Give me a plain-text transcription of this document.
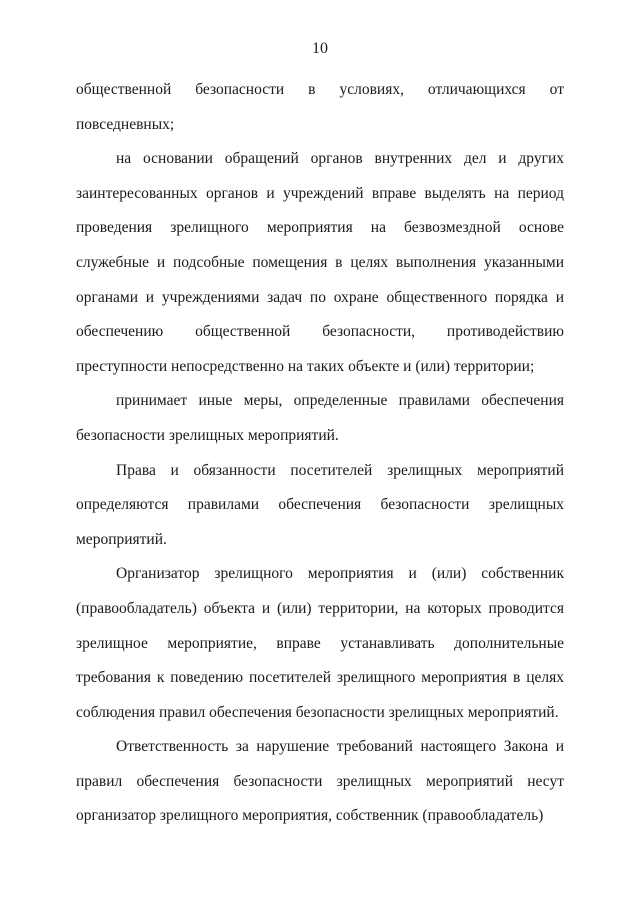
10

общественной безопасности в условиях, отличающихся от повседневных;

на основании обращений органов внутренних дел и других заинтересованных органов и учреждений вправе выделять на период проведения зрелищного мероприятия на безвозмездной основе служебные и подсобные помещения в целях выполнения указанными органами и учреждениями задач по охране общественного порядка и обеспечению общественной безопасности, противодействию преступности непосредственно на таких объекте и (или) территории;

принимает иные меры, определенные правилами обеспечения безопасности зрелищных мероприятий.

Права и обязанности посетителей зрелищных мероприятий определяются правилами обеспечения безопасности зрелищных мероприятий.

Организатор зрелищного мероприятия и (или) собственник (правообладатель) объекта и (или) территории, на которых проводится зрелищное мероприятие, вправе устанавливать дополнительные требования к поведению посетителей зрелищного мероприятия в целях соблюдения правил обеспечения безопасности зрелищных мероприятий.

Ответственность за нарушение требований настоящего Закона и правил обеспечения безопасности зрелищных мероприятий несут организатор зрелищного мероприятия, собственник (правообладатель)
